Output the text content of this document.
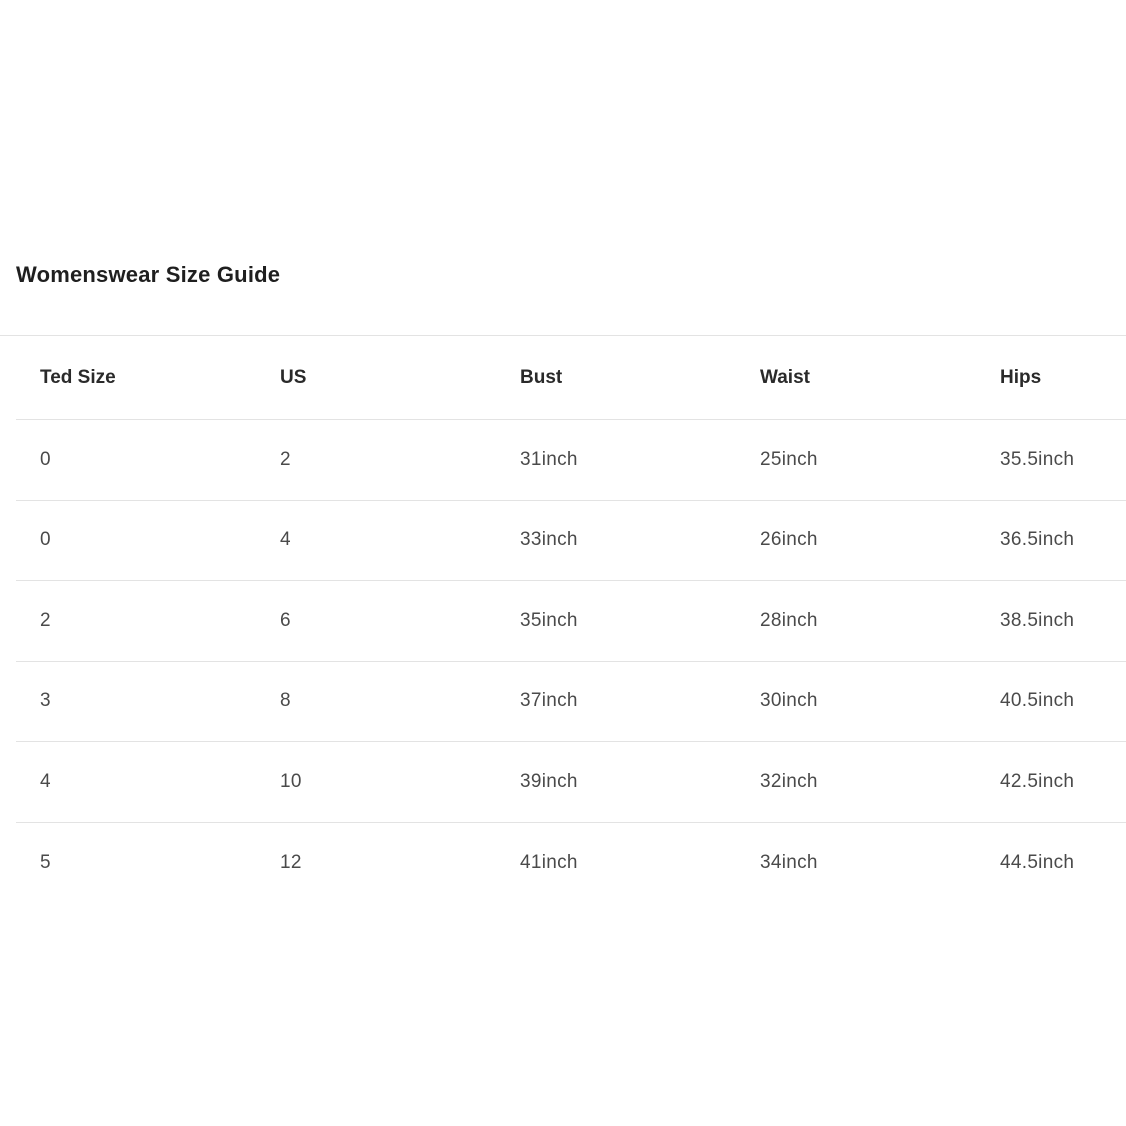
Womenswear Size Guide
Ted Size	US	Bust	Waist	Hips
0	2	31inch	25inch	35.5inch
0	4	33inch	26inch	36.5inch
2	6	35inch	28inch	38.5inch
3	8	37inch	30inch	40.5inch
4	10	39inch	32inch	42.5inch
5	12	41inch	34inch	44.5inch
